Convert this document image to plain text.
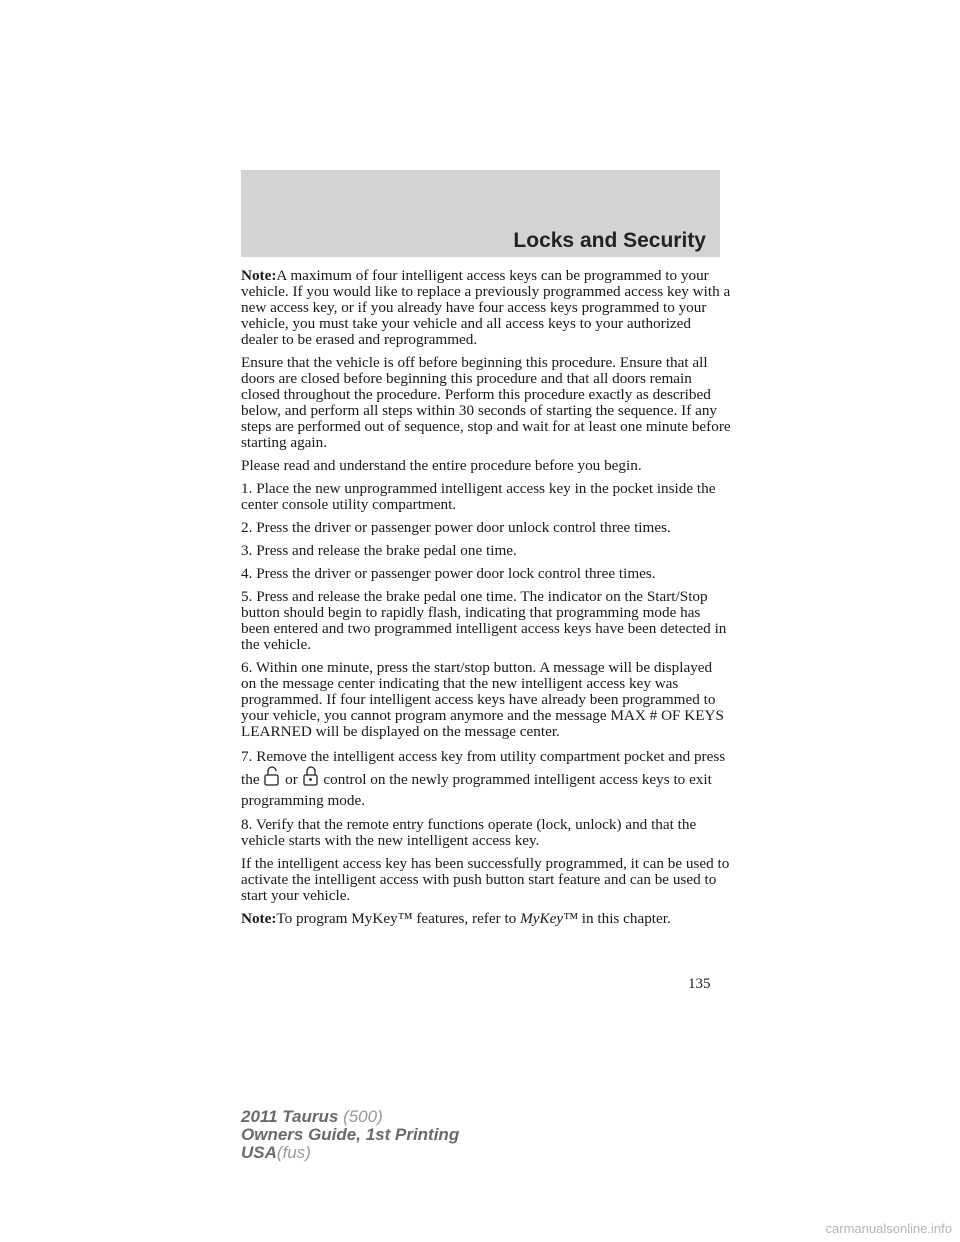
Locks and Security

Note:A maximum of four intelligent access keys can be programmed to your vehicle. If you would like to replace a previously programmed access key with a new access key, or if you already have four access keys programmed to your vehicle, you must take your vehicle and all access keys to your authorized dealer to be erased and reprogrammed.

Ensure that the vehicle is off before beginning this procedure. Ensure that all doors are closed before beginning this procedure and that all doors remain closed throughout the procedure. Perform this procedure exactly as described below, and perform all steps within 30 seconds of starting the sequence. If any steps are performed out of sequence, stop and wait for at least one minute before starting again.

Please read and understand the entire procedure before you begin.

1. Place the new unprogrammed intelligent access key in the pocket inside the center console utility compartment.

2. Press the driver or passenger power door unlock control three times.

3. Press and release the brake pedal one time.

4. Press the driver or passenger power door lock control three times.

5. Press and release the brake pedal one time. The indicator on the Start/Stop button should begin to rapidly flash, indicating that programming mode has been entered and two programmed intelligent access keys have been detected in the vehicle.

6. Within one minute, press the start/stop button. A message will be displayed on the message center indicating that the new intelligent access key was programmed. If four intelligent access keys have already been programmed to your vehicle, you cannot program anymore and the message MAX # OF KEYS LEARNED will be displayed on the message center.

7. Remove the intelligent access key from utility compartment pocket and press the or control on the newly programmed intelligent access keys to exit programming mode.

8. Verify that the remote entry functions operate (lock, unlock) and that the vehicle starts with the new intelligent access key.

If the intelligent access key has been successfully programmed, it can be used to activate the intelligent access with push button start feature and can be used to start your vehicle.

Note:To program MyKey™ features, refer to MyKey™ in this chapter.

135
2011 Taurus (500)
Owners Guide, 1st Printing
USA(fus)
carmanualsonline.info
